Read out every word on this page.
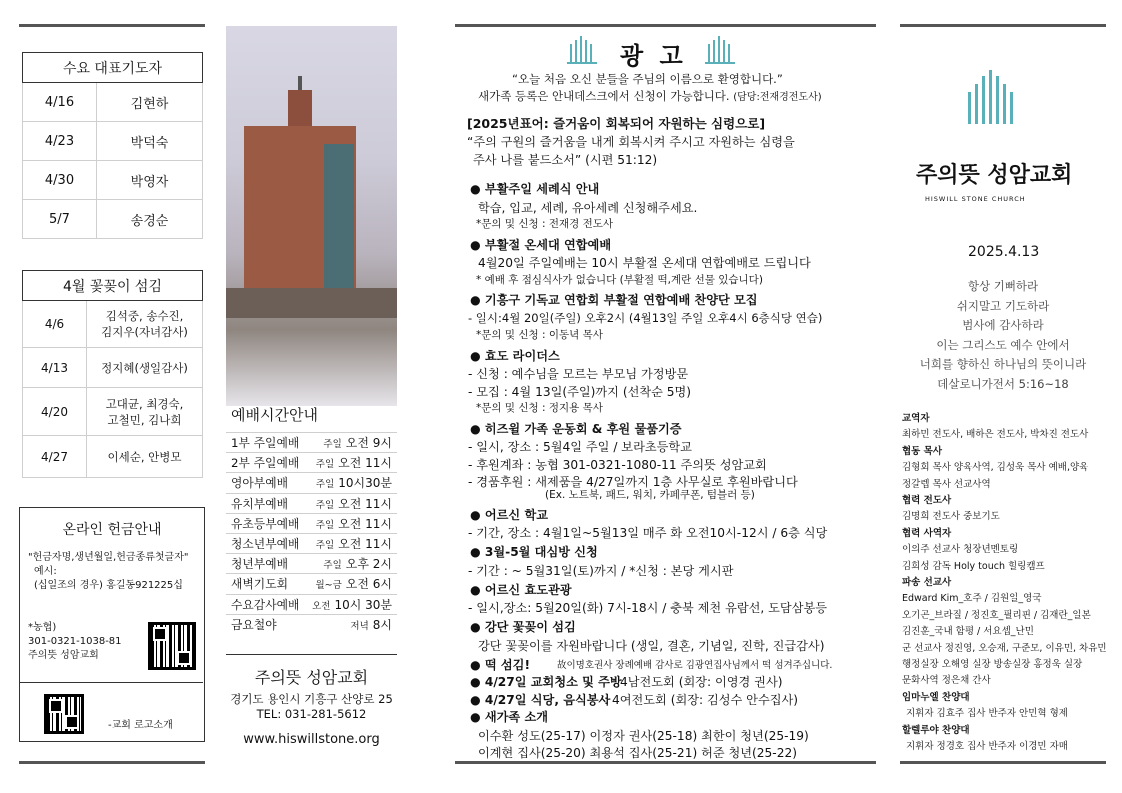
수요 대표기도자	
4/16	김현하
4/23	박덕숙
4/30	박영자
5/7	송경순
4월 꽃꽂이 섬김	
4/6	김석중, 송수진,
김지우(자녀감사)
4/13	정지혜(생일감사)
4/20	고대균, 최경숙,
고철민, 김나희
4/27	이세순, 안병모
온라인 헌금안내
"헌금자명,생년월일,헌금종류첫글자"
예시:
(십일조의 경우) 홍길동921225십
*농협)
301-0321-1038-81
주의뜻 성암교회
-교회 로고소개
예배시간안내
1부 주일예배	주일 오전 9시
2부 주일예배	주일 오전 11시
영아부예배	주일 10시30분
유치부예배	주일 오전 11시
유초등부예배	주일 오전 11시
청소년부예배	주일 오전 11시
청년부예배	주일 오후 2시
새벽기도회	월~금 오전 6시
수요감사예배	오전 10시 30분
금요철야	저녁 8시
주의뜻 성암교회
경기도 용인시 기흥구 산양로 25
TEL: 031-281-5612
www.hiswillstone.org
광 고
“오늘 처음 오신 분들을 주님의 이름으로 환영합니다.”
새가족 등록은 안내데스크에서 신청이 가능합니다. (담당:전재경전도사)
[2025년표어: 즐거움이 회복되어 자원하는 심령으로]
“주의 구원의 즐거움을 내게 회복시켜 주시고 자원하는 심령을
주사 나를 붙드소서” (시편 51:12)
● 부활주일 세례식 안내
학습, 입교, 세례, 유아세례 신청해주세요.
*문의 및 신청 : 전재경 전도사
● 부활절 온세대 연합예배
4월20일 주일예배는 10시 부활절 온세대 연합예배로 드립니다
* 예배 후 점심식사가 없습니다 (부활절 떡,계란 선물 있습니다)
● 기흥구 기독교 연합회 부활절 연합예배 찬양단 모집
- 일시:4월 20일(주일) 오후2시 (4월13일 주일 오후4시 6층식당 연습)
*문의 및 신청 : 이동녁 목사
● 효도 라이더스
- 신청 : 예수님을 모르는 부모님 가정방문
- 모집 : 4월 13일(주일)까지 (선착순 5명)
*문의 및 신청 : 정지용 목사
● 히즈윌 가족 운동회 & 후원 물품기증
- 일시, 장소 : 5월4일 주일 / 보라초등학교
- 후원계좌 : 농협 301-0321-1080-11 주의뜻 성암교회
- 경품후원 : 새제품을 4/27일까지 1층 사무실로 후원바랍니다
(Ex. 노트북, 패드, 워치, 카페쿠폰, 텀블러 등)
● 어르신 학교
- 기간, 장소 : 4월1일~5월13일 매주 화 오전10시-12시 / 6층 식당
● 3월-5월 대심방 신청
- 기간 : ~ 5월31일(토)까지 / *신청 : 본당 게시판
● 어르신 효도관광
- 일시,장소: 5월20일(화) 7시-18시 / 충북 제천 유람선, 도담삼봉등
● 강단 꽃꽂이 섬김
강단 꽃꽂이를 자원바랍니다 (생일, 결혼, 기념일, 진학, 진급감사)
● 떡 섬김!	故이명호권사 장례예배 감사로 김광연집사님께서 떡 섬겨주십니다.
● 4/27일 교회청소 및 주방
: 4남전도회 (회장: 이영경 권사)
● 4/27일 식당, 음식봉사
: 4여전도회 (회장: 김성수 안수집사)
● 새가족 소개
이수환 성도(25-17) 이정자 권사(25-18) 최한이 청년(25-19)
이계현 집사(25-20) 최용석 집사(25-21) 허준 청년(25-22)
주의뜻 성암교회
HISWILL STONE CHURCH
2025.4.13
항상 기뻐하라
쉬지말고 기도하라
범사에 감사하라
이는 그리스도 예수 안에서
너희를 향하신 하나님의 뜻이니라
데살로니가전서 5:16~18
교역자
최하민 전도사, 배하은 전도사, 박차진 전도사
협동 목사
김형회 목사 양육사역, 김성욱 목사 예배,양육
정갈렙 목사 선교사역
협력 전도사
김명희 전도사 중보기도
협력 사역자
이의주 선교사 청장년멘토링
김희성 감독 Holy touch 힐링캠프
파송 선교사
Edward Kim_호주 / 김원일_영국
오기곤_브라질 / 정진호_필리핀 / 김재란_일본
김진훈_국내 함평 / 서요셉_난민
군 선교사 정진영, 오승재, 구준모, 이유민, 차유민
행정실장 오해영 실장 방송실장 홍정욱 실장
문화사역 정은채 간사
임마누엘 찬양대
지휘자 김효주 집사 반주자 안민혁 형제
할렐루야 찬양대
지휘자 정경호 집사 반주자 이경민 자매
